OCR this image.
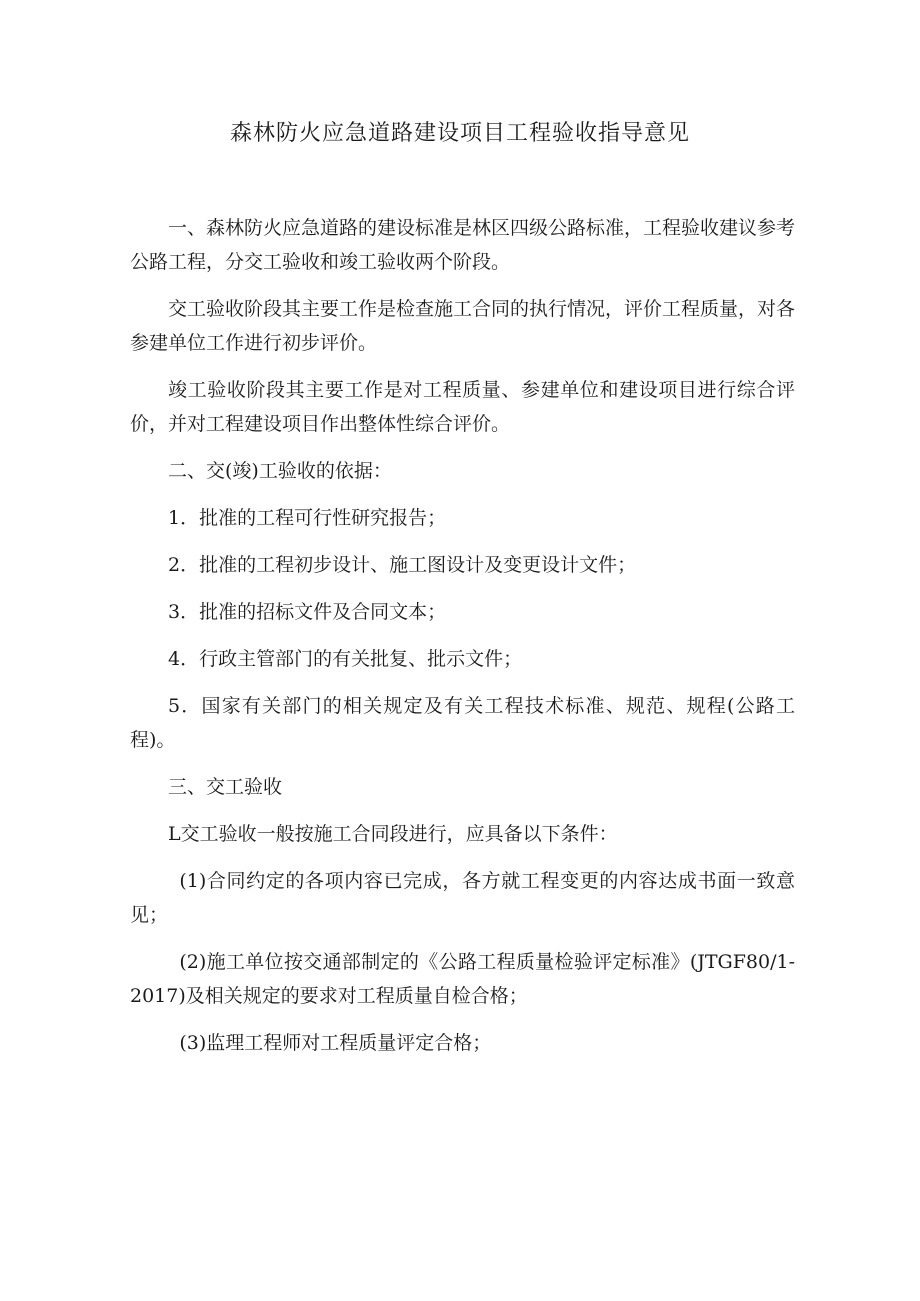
森林防火应急道路建设项目工程验收指导意见

一、森林防火应急道路的建设标准是林区四级公路标准，工程验收建议参考公路工程，分交工验收和竣工验收两个阶段。

交工验收阶段其主要工作是检查施工合同的执行情况，评价工程质量，对各参建单位工作进行初步评价。

竣工验收阶段其主要工作是对工程质量、参建单位和建设项目进行综合评价，并对工程建设项目作出整体性综合评价。

二、交(竣)工验收的依据：

1．批准的工程可行性研究报告；

2．批准的工程初步设计、施工图设计及变更设计文件；

3．批准的招标文件及合同文本；

4．行政主管部门的有关批复、批示文件；

5．国家有关部门的相关规定及有关工程技术标准、规范、规程(公路工程)。

三、交工验收

L交工验收一般按施工合同段进行，应具备以下条件：

(1)合同约定的各项内容已完成，各方就工程变更的内容达成书面一致意见；

(2)施工单位按交通部制定的《公路工程质量检验评定标准》(JTGF80/1-2017)及相关规定的要求对工程质量自检合格；

(3)监理工程师对工程质量评定合格；
